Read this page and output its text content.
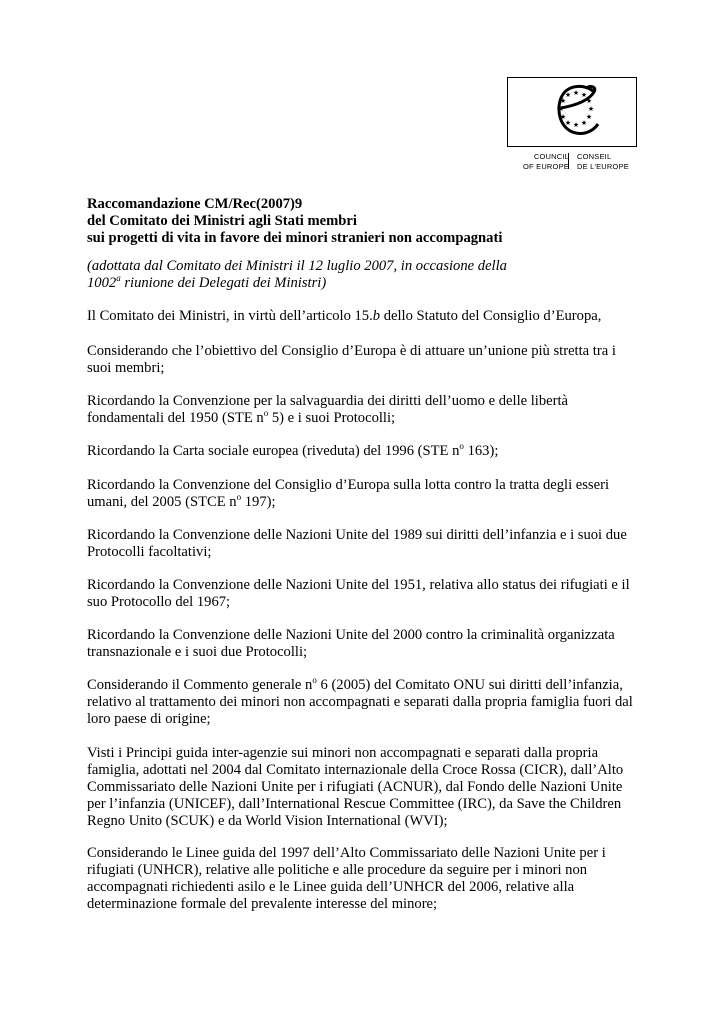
★ ★
★
★
★
★
★
★
★
★
★
★
COUNCIL
OF EUROPE
CONSEIL
DE L'EUROPE
Raccomandazione CM/Rec(2007)9
del Comitato dei Ministri agli Stati membri
sui progetti di vita in favore dei minori stranieri non accompagnati
(adottata dal Comitato dei Ministri il 12 luglio 2007, in occasione della
1002$^a$ riunione dei Delegati dei Ministri)
Il Comitato dei Ministri, in virtù dell’articolo 15.b dello Statuto del Consiglio d’Europa,
Considerando che l’obiettivo del Consiglio d’Europa è di attuare un’unione più stretta tra i suoi membri;
Ricordando la Convenzione per la salvaguardia dei diritti dell’uomo e delle libertà fondamentali del 1950 (STE $n^o$ 5) e i suoi Protocolli;
Ricordando la Carta sociale europea (riveduta) del 1996 (STE $n^o$ 163);
Ricordando la Convenzione del Consiglio d’Europa sulla lotta contro la tratta degli esseri umani, del 2005 (STCE $n^o$ 197);
Ricordando la Convenzione delle Nazioni Unite del 1989 sui diritti dell’infanzia e i suoi due Protocolli facoltativi;
Ricordando la Convenzione delle Nazioni Unite del 1951, relativa allo status dei rifugiati e il suo Protocollo del 1967;
Ricordando la Convenzione delle Nazioni Unite del 2000 contro la criminalità organizzata transnazionale e i suoi due Protocolli;
Considerando il Commento generale $n^o$ 6 (2005) del Comitato ONU sui diritti dell’infanzia, relativo al trattamento dei minori non accompagnati e separati dalla propria famiglia fuori dal loro paese di origine;
Visti i Principi guida inter-agenzie sui minori non accompagnati e separati dalla propria famiglia, adottati nel 2004 dal Comitato internazionale della Croce Rossa (CICR), dall’Alto Commissariato delle Nazioni Unite per i rifugiati (ACNUR), dal Fondo delle Nazioni Unite per l’infanzia (UNICEF), dall’International Rescue Committee (IRC), da Save the Children Regno Unito (SCUK) e da World Vision International (WVI);
Considerando le Linee guida del 1997 dell’Alto Commissariato delle Nazioni Unite per i rifugiati (UNHCR), relative alle politiche e alle procedure da seguire per i minori non accompagnati richiedenti asilo e le Linee guida dell’UNHCR del 2006, relative alla determinazione formale del prevalente interesse del minore;
